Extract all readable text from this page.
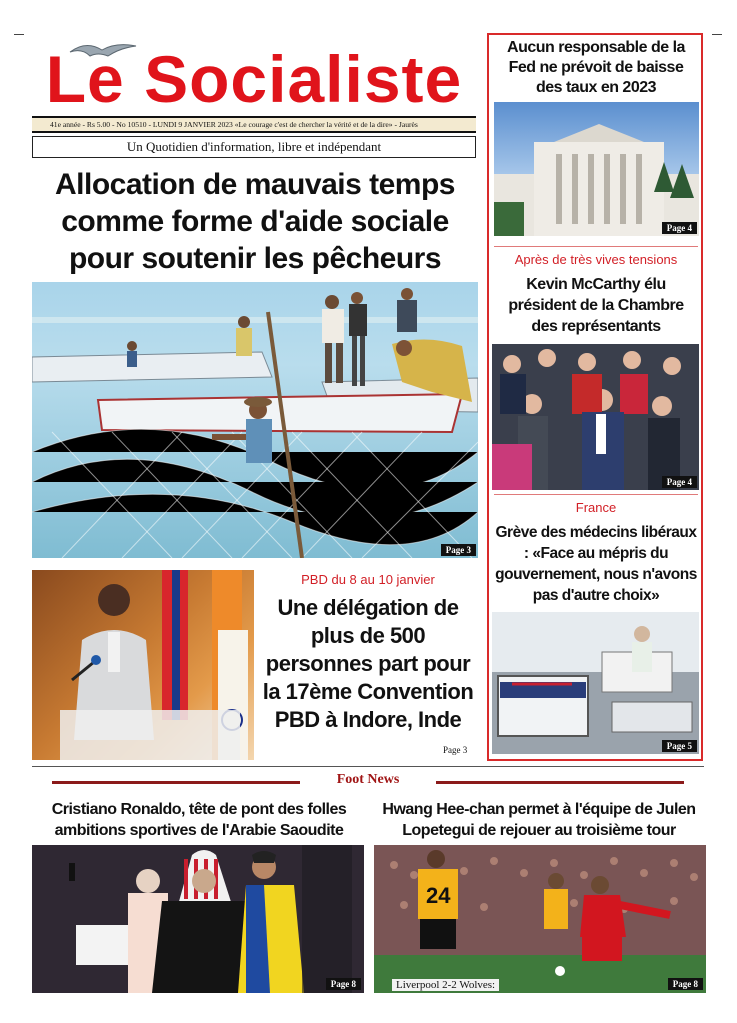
Le Socialiste
41e année - Rs 5.00 - No 10510 - LUNDI 9 JANVIER 2023 «Le courage c'est de chercher la vérité et de la dire» - Jaurès
Un Quotidien d'information, libre et indépendant
Allocation de mauvais temps comme forme d'aide sociale pour soutenir les pêcheurs
Page 3
PBD du 8 au 10 janvier
Une délégation de plus de 500 personnes part pour la 17ème Convention PBD à Indore, Inde
Page 3
Aucun responsable de la Fed ne prévoit de baisse des taux en 2023
Page 4
Après de très vives tensions
Kevin McCarthy élu président de la Chambre des représentants
Page 4
France
Grève des médecins libéraux : «Face au mépris du gouvernement, nous n'avons pas d'autre choix»
Page 5
Foot News
Cristiano Ronaldo, tête de pont des folles ambitions sportives de l'Arabie Saoudite
Page 8
Hwang Hee-chan permet à l'équipe de Julen Lopetegui de rejouer au troisième tour
24
Liverpool 2-2 Wolves:	Page 8
